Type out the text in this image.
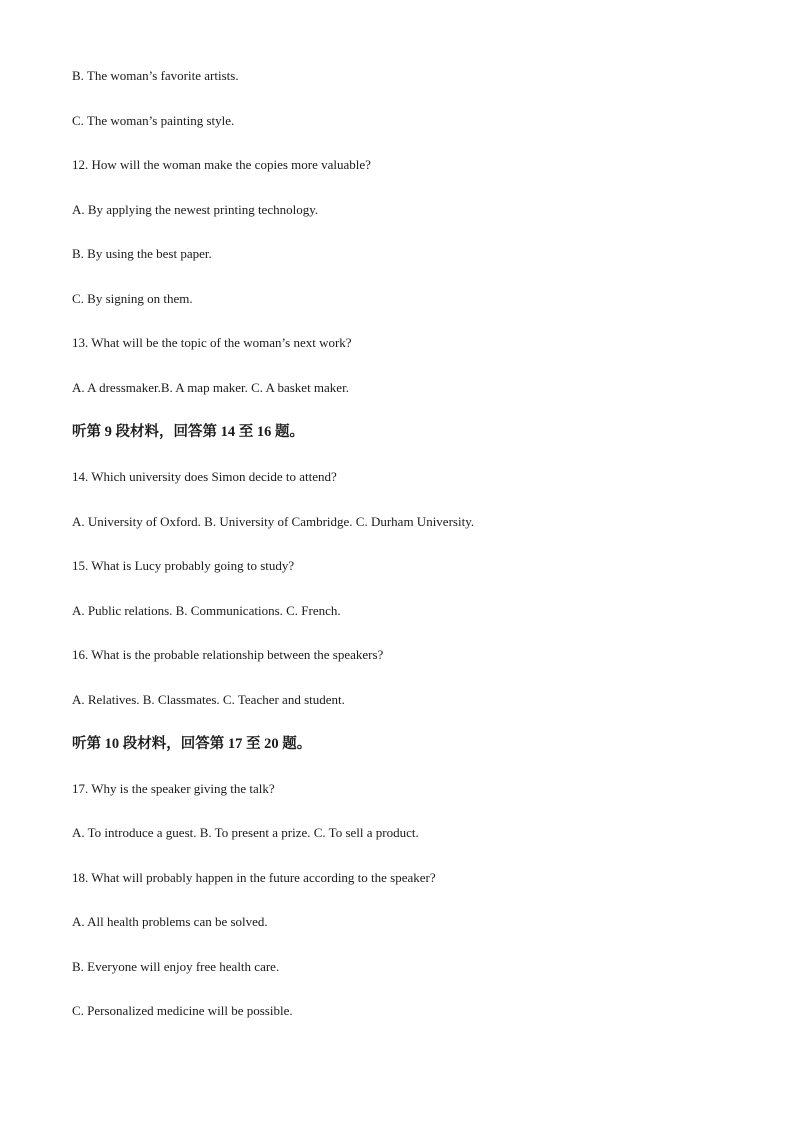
B. The woman’s favorite artists.
C. The woman’s painting style.
12. How will the woman make the copies more valuable?
A. By applying the newest printing technology.
B. By using the best paper.
C. By signing on them.
13. What will be the topic of the woman’s next work?
A. A dressmaker.B. A map maker. C. A basket maker.
听第 9 段材料，回答第 14 至 16 题。
14. Which university does Simon decide to attend?
A. University of Oxford. B. University of Cambridge. C. Durham University.
15. What is Lucy probably going to study?
A. Public relations. B. Communications. C. French.
16. What is the probable relationship between the speakers?
A. Relatives. B. Classmates. C. Teacher and student.
听第 10 段材料，回答第 17 至 20 题。
17. Why is the speaker giving the talk?
A. To introduce a guest. B. To present a prize. C. To sell a product.
18. What will probably happen in the future according to the speaker?
A. All health problems can be solved.
B. Everyone will enjoy free health care.
C. Personalized medicine will be possible.
